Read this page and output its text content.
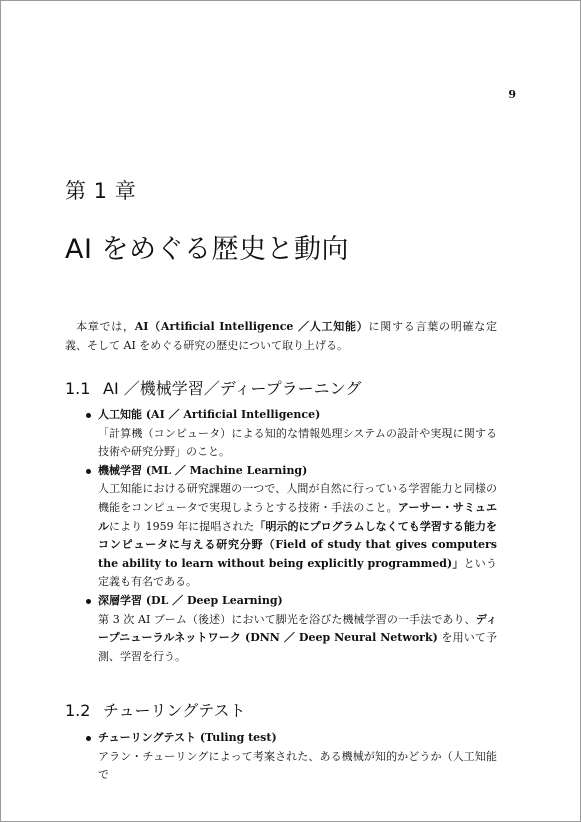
9
第 1 章
AI をめぐる歴史と動向

本章では，AI（Artificial Intelligence ／人工知能）に関する言葉の明確な定義、そして AI をめぐる研究の歴史について取り上げる。

1.1 AI ／機械学習／ディープラーニング
人工知能 (AI ／ Artificial Intelligence)
「計算機（コンピュータ）による知的な情報処理システムの設計や実現に関する技術や研究分野」のこと。
機械学習 (ML ／ Machine Learning)
人工知能における研究課題の一つで、人間が自然に行っている学習能力と同様の機能をコンピュータで実現しようとする技術・手法のこと。アーサー・サミュエルにより 1959 年に提唱された「明示的にプログラムしなくても学習する能力をコンピュータに与える研究分野（Field of study that gives computers the ability to learn without being explicitly programmed)」という定義も有名である。
深層学習 (DL ／ Deep Learning)
第 3 次 AI ブーム（後述）において脚光を浴びた機械学習の一手法であり、ディープニューラルネットワーク (DNN ／ Deep Neural Network) を用いて予測、学習を行う。
1.2 チューリングテスト
チューリングテスト (Tuling test)
アラン・チューリングによって考案された、ある機械が知的かどうか（人工知能で
